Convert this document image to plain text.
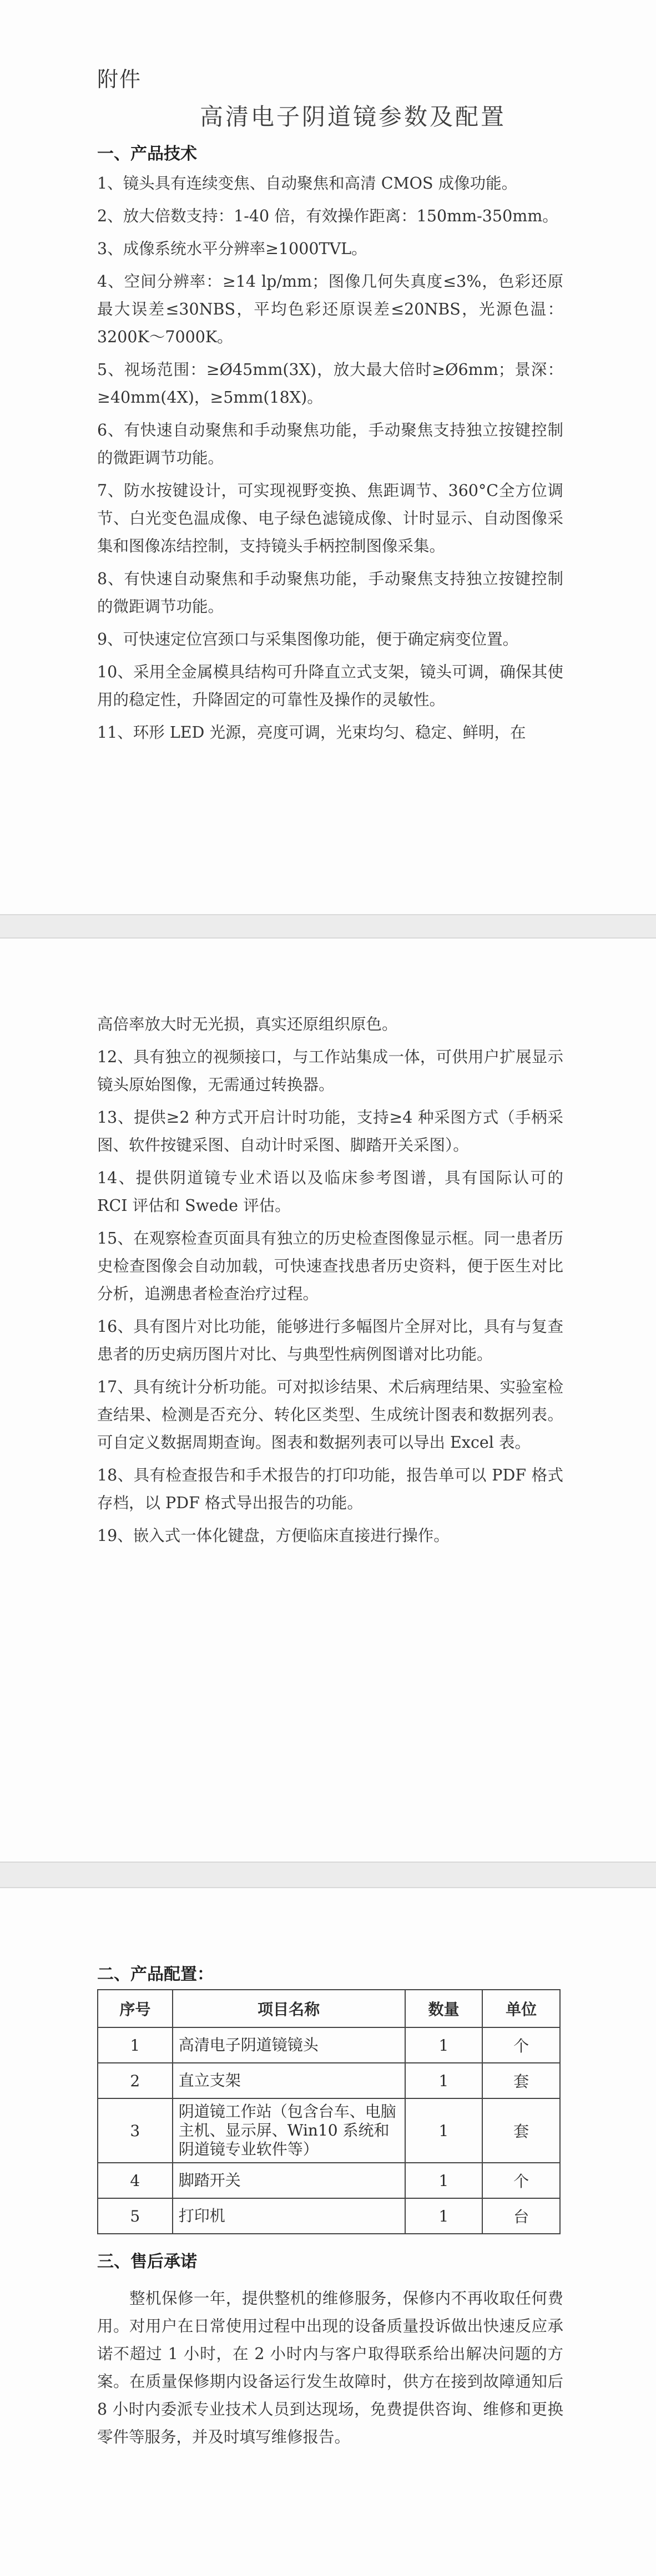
附件
高清电子阴道镜参数及配置
一、产品技术

1、镜头具有连续变焦、自动聚焦和高清 CMOS 成像功能。

2、放大倍数支持：1-40 倍，有效操作距离：150mm-350mm。

3、成像系统水平分辨率≥1000TVL。

4、空间分辨率：≥14 lp/mm；图像几何失真度≤3%，色彩还原最大误差≤30NBS，平均色彩还原误差≤20NBS，光源色温：3200K～7000K。

5、视场范围：≥Ø45mm(3X)，放大最大倍时≥Ø6mm；景深：≥40mm(4X)，≥5mm(18X)。

6、有快速自动聚焦和手动聚焦功能，手动聚焦支持独立按键控制的微距调节功能。

7、防水按键设计，可实现视野变换、焦距调节、360°C全方位调节、白光变色温成像、电子绿色滤镜成像、计时显示、自动图像采集和图像冻结控制，支持镜头手柄控制图像采集。

8、有快速自动聚焦和手动聚焦功能，手动聚焦支持独立按键控制的微距调节功能。

9、可快速定位宫颈口与采集图像功能，便于确定病变位置。

10、采用全金属模具结构可升降直立式支架，镜头可调，确保其使用的稳定性，升降固定的可靠性及操作的灵敏性。

11、环形 LED 光源，亮度可调，光束均匀、稳定、鲜明，在

高倍率放大时无光损，真实还原组织原色。

12、具有独立的视频接口，与工作站集成一体，可供用户扩展显示镜头原始图像，无需通过转换器。

13、提供≥2 种方式开启计时功能，支持≥4 种采图方式（手柄采图、软件按键采图、自动计时采图、脚踏开关采图）。

14、提供阴道镜专业术语以及临床参考图谱，具有国际认可的 RCI 评估和 Swede 评估。

15、在观察检查页面具有独立的历史检查图像显示框。同一患者历史检查图像会自动加载，可快速查找患者历史资料，便于医生对比分析，追溯患者检查治疗过程。

16、具有图片对比功能，能够进行多幅图片全屏对比，具有与复查患者的历史病历图片对比、与典型性病例图谱对比功能。

17、具有统计分析功能。可对拟诊结果、术后病理结果、实验室检查结果、检测是否充分、转化区类型、生成统计图表和数据列表。可自定义数据周期查询。图表和数据列表可以导出 Excel 表。

18、具有检查报告和手术报告的打印功能，报告单可以 PDF 格式存档，以 PDF 格式导出报告的功能。

19、嵌入式一体化键盘，方便临床直接进行操作。

二、产品配置：
序号	项目名称	数量	单位
1	高清电子阴道镜镜头	1	个
2	直立支架	1	套
3	阴道镜工作站（包含台车、电脑主机、显示屏、Win10 系统和阴道镜专业软件等）	1	套
4	脚踏开关	1	个
5	打印机	1	台
三、售后承诺

整机保修一年，提供整机的维修服务，保修内不再收取任何费用。对用户在日常使用过程中出现的设备质量投诉做出快速反应承诺不超过 1 小时，在 2 小时内与客户取得联系给出解决问题的方案。在质量保修期内设备运行发生故障时，供方在接到故障通知后 8 小时内委派专业技术人员到达现场，免费提供咨询、维修和更换零件等服务，并及时填写维修报告。
